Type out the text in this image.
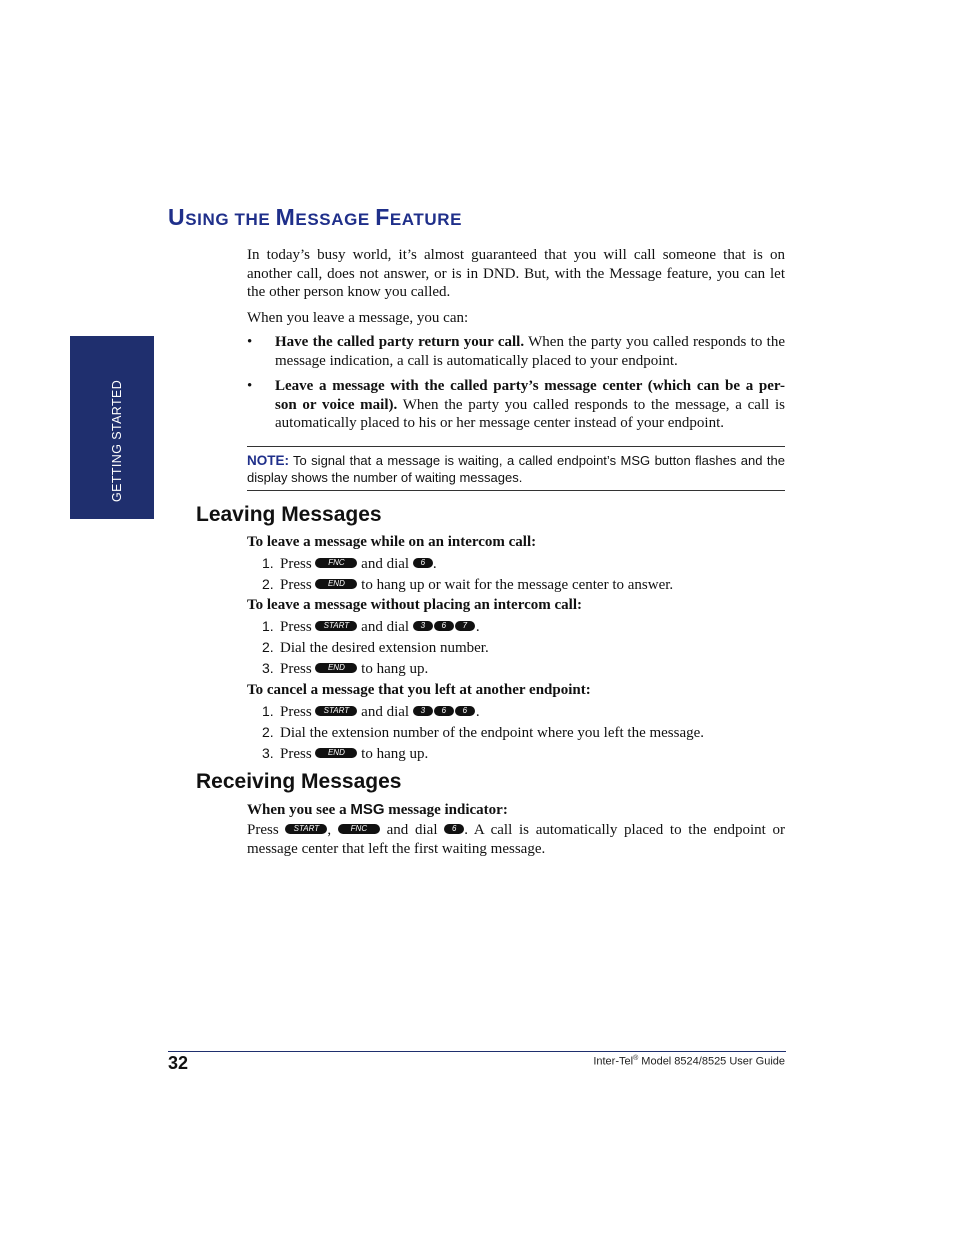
GETTING STARTED
USING THE MESSAGE FEATURE
In today’s busy world, it’s almost guaranteed that you will call someone that is on another call, does not answer, or is in DND. But, with the Message feature, you can let the other person know you called.
When you leave a message, you can:
•	Have the called party return your call. When the party you called responds to the message indication, a call is automatically placed to your endpoint.
•	Leave a message with the called party’s message center (which can be a per- son or voice mail). When the party you called responds to the message, a call is automatically placed to his or her message center instead of your endpoint.
NOTE: To signal that a message is waiting, a called endpoint’s MSG button flashes and the display shows the number of waiting messages.
Leaving Messages
To leave a message while on an intercom call:
1. Press FNC and dial 6 .
2. Press END to hang up or wait for the message center to answer.
To leave a message without placing an intercom call:
1. Press START and dial 3 6 7 .
2. Dial the desired extension number.
3. Press END to hang up.
To cancel a message that you left at another endpoint:
1. Press START and dial 3 6 6 .
2. Dial the extension number of the endpoint where you left the message.
3. Press END to hang up.
Receiving Messages
When you see a MSG message indicator:
Press START , FNC and dial 6 . A call is automatically placed to the endpoint or message center that left the first waiting message.
32	Inter-Tel® Model 8524/8525 User Guide
